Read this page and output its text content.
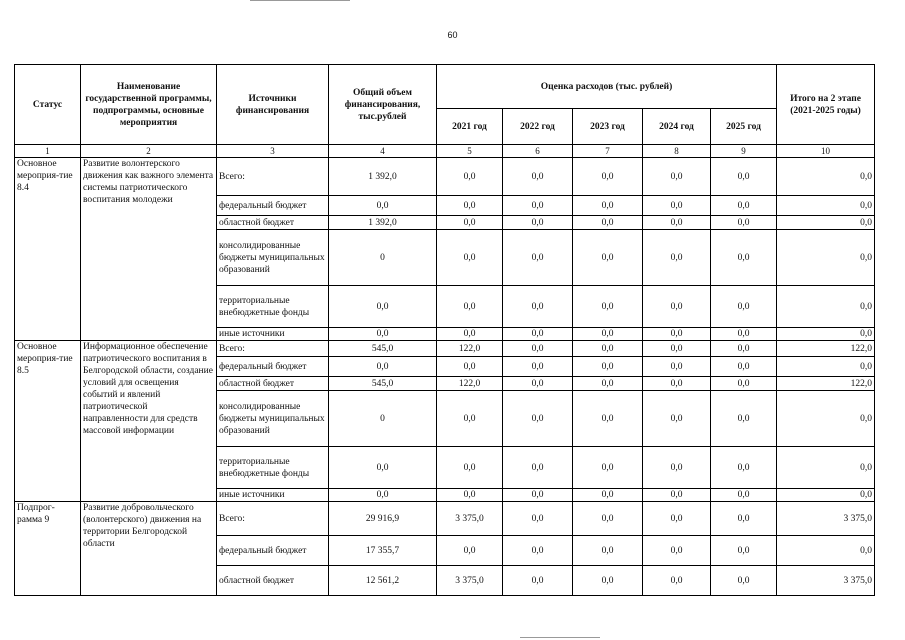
60
Статус	Наименование государственной программы, подпрограммы, основные мероприятия	Источники финансирования	Общий объем финансирования, тыс.рублей	Оценка расходов (тыс. рублей)					Итого на 2 этапе (2021-2025 годы)
				2021 год	2022 год	2023 год	2024 год	2025 год	
1	2	3	4	5	6	7	8	9	10
Основное мероприя-тие 8.4	Развитие волонтерского движения как важного элемента системы патриотического воспитания молодежи	Всего:	1 392,0	0,0	0,0	0,0	0,0	0,0	0,0
		федеральный бюджет	0,0	0,0	0,0	0,0	0,0	0,0	0,0
		областной бюджет	1 392,0	0,0	0,0	0,0	0,0	0,0	0,0
		консолидированные бюджеты муниципальных образований	0	0,0	0,0	0,0	0,0	0,0	0,0
		территориальные внебюджетные фонды	0,0	0,0	0,0	0,0	0,0	0,0	0,0
		иные источники	0,0	0,0	0,0	0,0	0,0	0,0	0,0
Основное мероприя-тие 8.5	Информационное обеспечение патриотического воспитания в Белгородской области, создание условий для освещения событий и явлений патриотической направленности для средств массовой информации	Всего:	545,0	122,0	0,0	0,0	0,0	0,0	122,0
		федеральный бюджет	0,0	0,0	0,0	0,0	0,0	0,0	0,0
		областной бюджет	545,0	122,0	0,0	0,0	0,0	0,0	122,0
		консолидированные бюджеты муниципальных образований	0	0,0	0,0	0,0	0,0	0,0	0,0
		территориальные внебюджетные фонды	0,0	0,0	0,0	0,0	0,0	0,0	0,0
		иные источники	0,0	0,0	0,0	0,0	0,0	0,0	0,0
Подпрог-рамма 9	Развитие добровольческого (волонтерского) движения на территории Белгородской области	Всего:	29 916,9	3 375,0	0,0	0,0	0,0	0,0	3 375,0
		федеральный бюджет	17 355,7	0,0	0,0	0,0	0,0	0,0	0,0
		областной бюджет	12 561,2	3 375,0	0,0	0,0	0,0	0,0	3 375,0
